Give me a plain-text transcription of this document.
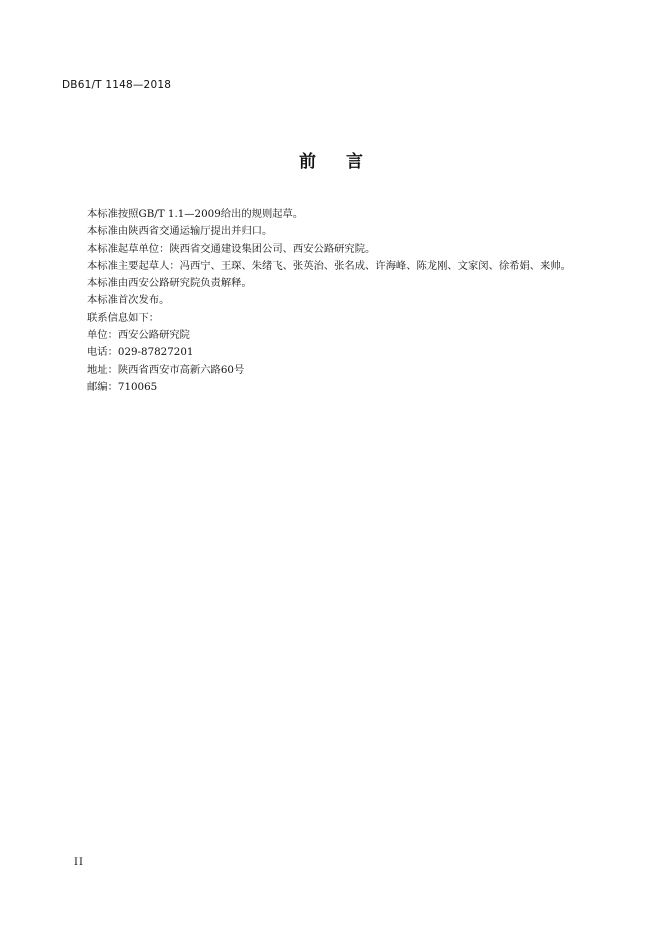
DB61/T 1148—2018
前 言

本标准按照GB/T 1.1—2009给出的规则起草。

本标准由陕西省交通运输厅提出并归口。

本标准起草单位：陕西省交通建设集团公司、西安公路研究院。

本标准主要起草人：冯西宁、王琛、朱绪飞、张英治、张名成、许海峰、陈龙刚、文家闵、徐希娟、来帅。

本标准由西安公路研究院负责解释。

本标准首次发布。

联系信息如下：

单位：西安公路研究院

电话：029-87827201

地址：陕西省西安市高新六路60号

邮编：710065

II
